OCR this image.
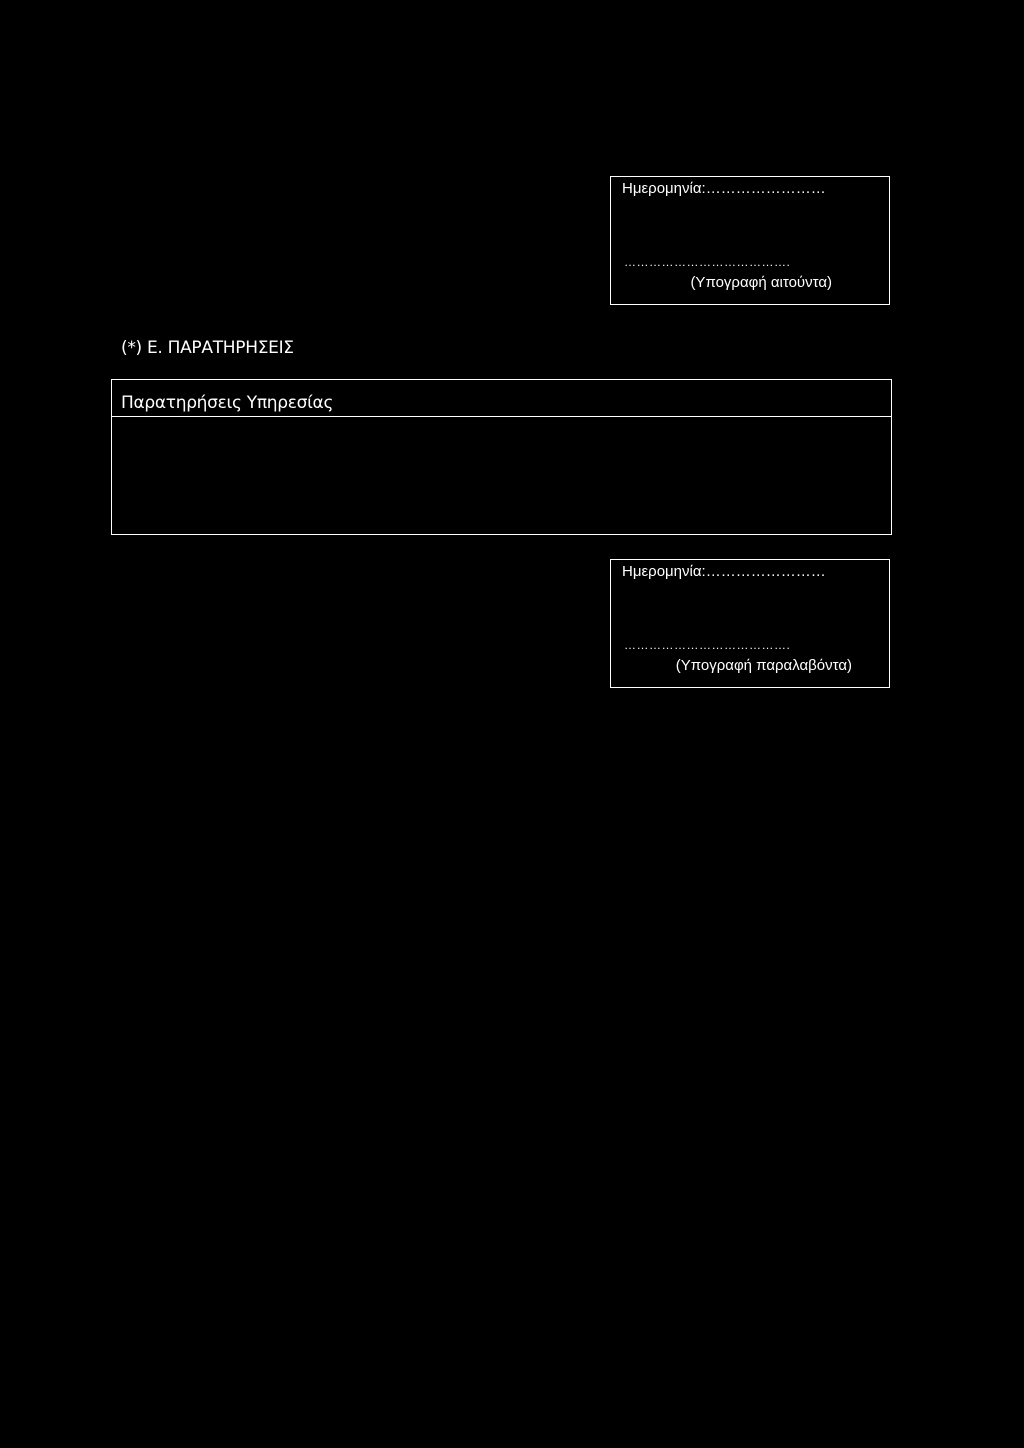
Ημερομηνία:……………………
………………………………….
(Υπογραφή αιτούντα)
(*) Ε. ΠΑΡΑΤΗΡΗΣΕΙΣ
Παρατηρήσεις Υπηρεσίας
Ημερομηνία:……………………
………………………………….
(Υπογραφή παραλαβόντα)
